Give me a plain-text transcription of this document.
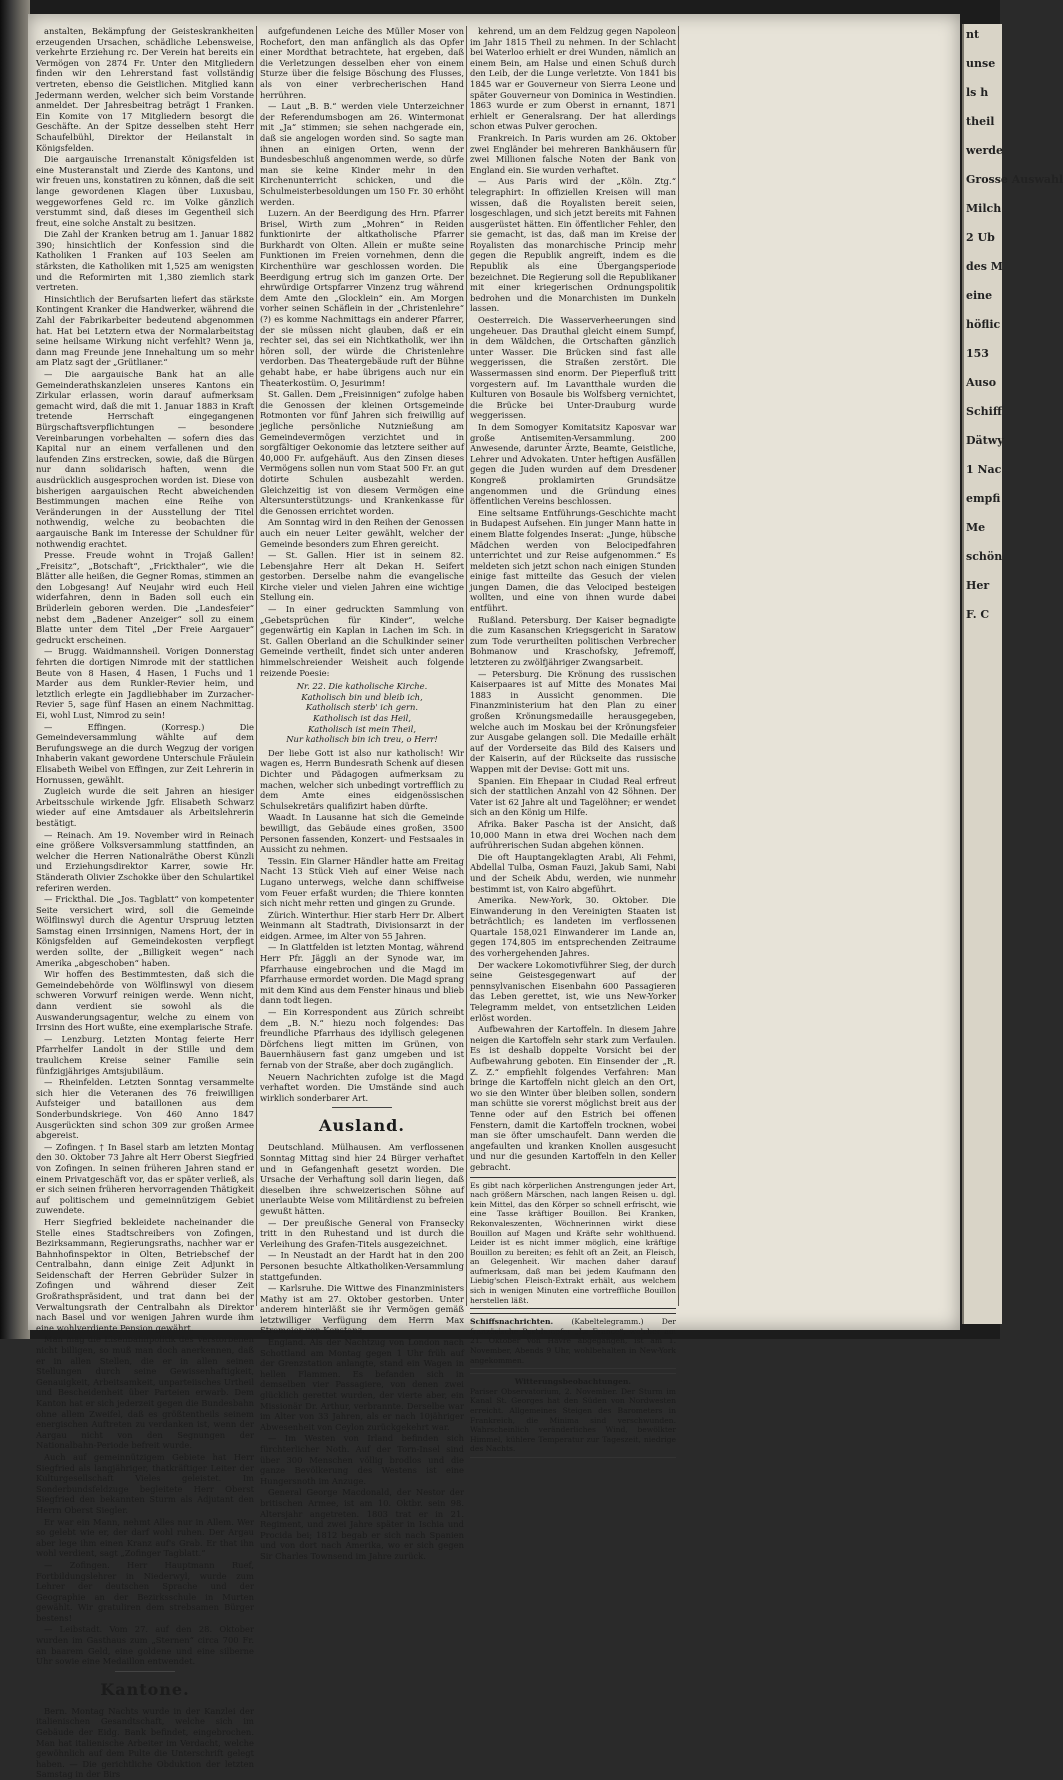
anstalten, Bekämpfung der Geisteskrankheiten erzeugenden Ursachen, schädliche Lebensweise, verkehrte Erziehung rc. Der Verein hat bereits ein Vermögen von 2874 Fr. Unter den Mitgliedern finden wir den Lehrerstand fast vollständig vertreten, ebenso die Geistlichen. Mitglied kann Jedermann werden, welcher sich beim Vorstande anmeldet. Der Jahresbeitrag beträgt 1 Franken. Ein Komite von 17 Mitgliedern besorgt die Geschäfte. An der Spitze desselben steht Herr Schaufelbühl, Direktor der Heilanstalt in Königsfelden.

Die aargauische Irrenanstalt Königsfelden ist eine Musteranstalt und Zierde des Kantons, und wir freuen uns, konstatiren zu können, daß die seit lange gewordenen Klagen über Luxusbau, weggeworfenes Geld rc. im Volke gänzlich verstummt sind, daß dieses im Gegentheil sich freut, eine solche Anstalt zu besitzen.

Die Zahl der Kranken betrug am 1. Januar 1882 390; hinsichtlich der Konfession sind die Katholiken 1 Franken auf 103 Seelen am stärksten, die Katholiken mit 1,525 am wenigsten und die Reformirten mit 1,380 ziemlich stark vertreten.

Hinsichtlich der Berufsarten liefert das stärkste Kontingent Kranker die Handwerker, während die Zahl der Fabrikarbeiter bedeutend abgenommen hat. Hat bei Letztern etwa der Normalarbeitstag seine heilsame Wirkung nicht verfehlt? Wenn ja, dann mag Freunde jene Innehaltung um so mehr am Platz sagt der „Grütlianer.“

— Die aargauische Bank hat an alle Gemeinderathskanzleien unseres Kantons ein Zirkular erlassen, worin darauf aufmerksam gemacht wird, daß die mit 1. Januar 1883 in Kraft tretende Herrschaft eingegangenen Bürgschaftsverpflichtungen — besondere Vereinbarungen vorbehalten — sofern dies das Kapital nur an einem verfallenen und den laufenden Zins erstrecken, sowie, daß die Bürgen nur dann solidarisch haften, wenn die ausdrücklich ausgesprochen worden ist. Diese von bisherigen aargauischen Recht abweichenden Bestimmungen machen eine Reihe von Veränderungen in der Ausstellung der Titel nothwendig, welche zu beobachten die aargauische Bank im Interesse der Schuldner für nothwendig erachtet.

Presse. Freude wohnt in Trojaß Gallen! „Freisitz“, „Botschaft“, „Frickthaler“, wie die Blätter alle heißen, die Gegner Romas, stimmen an den Lobgesang! Auf Neujahr wird euch Heil widerfahren, denn in Baden soll euch ein Brüderlein geboren werden. Die „Landesfeier“ nebst dem „Badener Anzeiger“ soll zu einem Blatte unter dem Titel „Der Freie Aargauer“ gedruckt erscheinen.

— Brugg. Waidmannsheil. Vorigen Donnerstag fehrten die dortigen Nimrode mit der stattlichen Beute von 8 Hasen, 4 Hasen, 1 Fuchs und 1 Marder aus dem Runkler-Revier heim, und letztlich erlegte ein Jagdliebhaber im Zurzacher-Revier 5, sage fünf Hasen an einem Nachmittag. Ei, wohl Lust, Nimrod zu sein!

— Effingen. (Korresp.) Die Gemeindeversammlung wählte auf dem Berufungswege an die durch Wegzug der vorigen Inhaberin vakant gewordene Unterschule Fräulein Elisabeth Weibel von Effingen, zur Zeit Lehrerin in Hornussen, gewählt.

Zugleich wurde die seit Jahren an hiesiger Arbeitsschule wirkende Jgfr. Elisabeth Schwarz wieder auf eine Amtsdauer als Arbeitslehrerin bestätigt.

— Reinach. Am 19. November wird in Reinach eine größere Volksversammlung stattfinden, an welcher die Herren Nationalräthe Oberst Künzli und Erziehungsdirektor Karrer, sowie Hr. Ständerath Olivier Zschokke über den Schulartikel referiren werden.

— Frickthal. Die „Jos. Tagblatt“ von kompetenter Seite versichert wird, soll die Gemeinde Wölflinswyl durch die Agentur Urspruug letzten Samstag einen Irrsinnigen, Namens Hort, der in Königsfelden auf Gemeindekosten verpflegt werden sollte, der „Billigkeit wegen“ nach Amerika „abgeschoben“ haben.

Wir hoffen des Bestimmtesten, daß sich die Gemeindebehörde von Wölflinswyl von diesem schweren Vorwurf reinigen werde. Wenn nicht, dann verdient sie sowohl als die Auswanderungsagentur, welche zu einem von Irrsinn des Hort wußte, eine exemplarische Strafe.

— Lenzburg. Letzten Montag feierte Herr Pfarrhelfer Landolt in der Stille und dem traulichem Kreise seiner Familie sein fünfzigjähriges Amtsjubiläum.

— Rheinfelden. Letzten Sonntag versammelte sich hier die Veteranen des 76 freiwilligen Aufsteiger und bataillonen aus dem Sonderbundskriege. Von 460 Anno 1847 Ausgerückten sind schon 309 zur großen Armee abgereist.

— Zofingen. † In Basel starb am letzten Montag den 30. Oktober 73 Jahre alt Herr Oberst Siegfried von Zofingen. In seinen früheren Jahren stand er einem Privatgeschäft vor, das er später verließ, als er sich seinen früheren hervorragenden Thätigkeit auf politischem und gemeinnützigem Gebiet zuwendete.

Herr Siegfried bekleidete nacheinander die Stelle eines Stadtschreibers von Zofingen, Bezirksammann, Regierungsraths, nachher war er Bahnhofinspektor in Olten, Betriebschef der Centralbahn, dann einige Zeit Adjunkt in Seidenschaft der Herren Gebrüder Sulzer in Zofingen und während dieser Zeit Großrathspräsident, und trat dann bei der Verwaltungsrath der Centralbahn als Direktor nach Basel und vor wenigen Jahren wurde ihm eine wohlverdiente Pension gewährt.

Man mag die Eisenbahnpolitik des Verstorbenen nicht billigen, so muß man doch anerkennen, daß er in allen Stellen, die er in allen seinen Stellungen durch seine Gewissenhaftigkeit, Genauigkeit, Arbeitsamkeit, unparteiisches Urtheil und Bescheidenheit über Parteien erwarb. Dem Kanton hat er sich jederzeit gegen die Bundesbahn ohne allem Zweifel, daß es größtentheils seinem energischen Auftreten zu verdanken ist, wenn der Aargau nicht von den Segnungen der Nationalbahn-Periode befreit wurde.

Auch auf gemeinnützigem Gebiete hat Herr Siegfried als langjähriger, thatkräftiger Leiter der Kulturgesellschaft Vieles geleistet. Im Sonderbundsfeldzuge begleitete Herr Oberst Siegfried den bekannten Sturm als Adjutant den Herrn Oberst Siegler.

Er war ein Mann, nehmt Alles nur in Allem. Wer so gelebt wie er, der darf wohl ruhen. Der Argau aber lege ihm einen Kranz auf's Grab. Er that ihn wohl verdient, sagt „Zofinger Tagblatt.“

— Zofingen. Herr Hauptmann Ruef, Fortbildungslehrer in Niederwyl, wurde zum Lehrer der deutschen Sprache und der Geographie an der Bezirksschule in Murten gewählt. Wir gratuliren dem strebsamen Bürger bestens!

— Leibstadt. Vom 27. auf den 28. Oktober wurden im Gasthaus zum „Sternen“ circa 700 Fr. an baarem Geld, eine goldene und eine silberne Uhr sowie eine Medaillon entwendet.

Kantone.

Bern. Montag Nachts wurde in der Kanzlei der italienischen Gesandtschaft, welche sich im Gebäude der Eidg. Bank befindet, eingebrochen. Man hat italienische Arbeiter im Verdacht, welche gewöhnlich auf dem Pulte die Unterschrift gelegt haben. — Die gerichtliche Obduktion der letzten Samstag in der Birs

aufgefundenen Leiche des Müller Moser von Rochefort, den man anfänglich als das Opfer einer Mordthat betrachtete, hat ergeben, daß die Verletzungen desselben eher von einem Sturze über die felsige Böschung des Flusses, als von einer verbrecherischen Hand herrühren.

— Laut „B. B.“ werden viele Unterzeichner der Referendumsbogen am 26. Wintermonat mit „Ja“ stimmen; sie sehen nachgerade ein, daß sie angelogen worden sind. So sagte man ihnen an einigen Orten, wenn der Bundesbeschluß angenommen werde, so dürfe man sie keine Kinder mehr in den Kirchenunterricht schicken, und die Schulmeisterbesoldungen um 150 Fr. 30 erhöht werden.

Luzern. An der Beerdigung des Hrn. Pfarrer Brisel, Wirth zum „Mohren“ in Reiden funktionirte der altkatholische Pfarrer Burkhardt von Olten. Allein er mußte seine Funktionen im Freien vornehmen, denn die Kirchenthüre war geschlossen worden. Die Beerdigung ertrug sich im ganzen Orte. Der ehrwürdige Ortspfarrer Vinzenz trug während dem Amte den „Glocklein“ ein. Am Morgen vorher seinen Schäflein in der „Christenlehre“ (?) es komme Nachmittags ein anderer Pfarrer, der sie müssen nicht glauben, daß er ein rechter sei, das sei ein Nichtkatholik, wer ihn hören soll, der würde die Christenlehre verdorben. Das Theatergebäude ruft der Bühne gehabt habe, er habe übrigens auch nur ein Theaterkostüm. O, Jesurimm!

St. Gallen. Dem „Freisinnigen“ zufolge haben die Genossen der kleinen Ortsgemeinde Rotmonten vor fünf Jahren sich freiwillig auf jegliche persönliche Nutznießung am Gemeindevermögen verzichtet und in sorgfältiger Oekonomie das letztere seither auf 40,000 Fr. aufgehäuft. Aus den Zinsen dieses Vermögens sollen nun vom Staat 500 Fr. an gut dotirte Schulen ausbezahlt werden. Gleichzeitig ist von diesem Vermögen eine Altersunterstützungs- und Krankenkasse für die Genossen errichtet worden.

Am Sonntag wird in den Reihen der Genossen auch ein neuer Leiter gewählt, welcher der Gemeinde besonders zum Ehren gereicht.

— St. Gallen. Hier ist in seinem 82. Lebensjahre Herr alt Dekan H. Seifert gestorben. Derselbe nahm die evangelische Kirche vieler und vielen Jahren eine wichtige Stellung ein.

— In einer gedruckten Sammlung von „Gebetsprüchen für Kinder“, welche gegenwärtig ein Kaplan in Lachen im Sch. in St. Gallen Oberland an die Schulkinder seiner Gemeinde vertheilt, findet sich unter anderen himmelschreiender Weisheit auch folgende reizende Poesie:

Nr. 22. Die katholische Kirche.
Katholisch bin und bleib ich,
Katholisch sterb' ich gern.
Katholisch ist das Heil,
Katholisch ist mein Theil,
Nur katholisch bin ich treu, o Herr!

Der liebe Gott ist also nur katholisch! Wir wagen es, Herrn Bundesrath Schenk auf diesen Dichter und Pädagogen aufmerksam zu machen, welcher sich unbedingt vortrefflich zu dem Amte eines eidgenössischen Schulsekretärs qualifizirt haben dürfte.

Waadt. In Lausanne hat sich die Gemeinde bewilligt, das Gebäude eines großen, 3500 Personen fassenden, Konzert- und Festsaales in Aussicht zu nehmen.

Tessin. Ein Glarner Händler hatte am Freitag Nacht 13 Stück Vieh auf einer Weise nach Lugano unterwegs, welche dann schiffweise vom Feuer erfaßt wurden; die Thiere konnten sich nicht mehr retten und gingen zu Grunde.

Zürich. Winterthur. Hier starb Herr Dr. Albert Weinmann alt Stadtrath, Divisionsarzt in der eidgen. Armee, im Alter von 55 Jahren.

— In Glattfelden ist letzten Montag, während Herr Pfr. Jäggli an der Synode war, im Pfarrhause eingebrochen und die Magd im Pfarrhause ermordet worden. Die Magd sprang mit dem Kind aus dem Fenster hinaus und blieb dann todt liegen.

— Ein Korrespondent aus Zürich schreibt dem „B. N.“ hiezu noch folgendes: Das freundliche Pfarrhaus des idyllisch gelegenen Dörfchens liegt mitten im Grünen, von Bauernhäusern fast ganz umgeben und ist fernab von der Straße, aber doch zugänglich.

Neuern Nachrichten zufolge ist die Magd verhaftet worden. Die Umstände sind auch wirklich sonderbarer Art.

Ausland.

Deutschland. Mülhausen. Am verflossenen Sonntag Mittag sind hier 24 Bürger verhaftet und in Gefangenhaft gesetzt worden. Die Ursache der Verhaftung soll darin liegen, daß dieselben ihre schweizerischen Söhne auf unerlaubte Weise vom Militärdienst zu befreien gewußt hätten.

— Der preußische General von Fransecky tritt in den Ruhestand und ist durch die Verleihung des Grafen-Titels ausgezeichnet.

— In Neustadt an der Hardt hat in den 200 Personen besuchte Altkatholiken-Versammlung stattgefunden.

— Karlsruhe. Die Wittwe des Finanzministers Mathy ist am 27. Oktober gestorben. Unter anderem hinterläßt sie ihr Vermögen gemäß letztwilliger Verfügung dem Herrn Max Stromeier von Konstanz.

England. Als der Nachtzug von London nach Schottland am Montag gegen 1 Uhr früh auf der Grenzstation anlangte, stand ein Wagen in hellen Flammen. Es befanden sich in demselben vier Passagiere, von denen zwei glücklich gerettet wurden, der vierte aber, ein Missionär Dr. Arthur, verbrannte. Derselbe war im Alter von 33 Jahren, als er nach 10jähriger Abwesenheit von Ceylon zurückgekehrt war.

— Im Westen von Irland befinden sich fürchterlicher Noth. Auf der Torn-Insel sind über 300 Menschen völlig brodlos und die ganze Bevölkerung des Westens ist eine Hungersnoth im Anzuge.

General George Macdonald, der Nestor der britischen Armee, ist am 10. Oktbr. sein 98. Altersjahr angetreten. 1803 trat er in 21. Regiment, und zwei Jahre später in Ischia und Procida bei; 1812 begab er sich nach Spanien und von dort nach Amerika, wo er sich gegen Sir Charles Townsend im Jahre zurück.

kehrend, um an dem Feldzug gegen Napoleon im Jahr 1815 Theil zu nehmen. In der Schlacht bei Waterloo erhielt er drei Wunden, nämlich an einem Bein, am Halse und einen Schuß durch den Leib, der die Lunge verletzte. Von 1841 bis 1845 war er Gouverneur von Sierra Leone und später Gouverneur von Dominica in Westindien. 1863 wurde er zum Oberst in ernannt, 1871 erhielt er Generalsrang. Der hat allerdings schon etwas Pulver gerochen.

Frankreich. In Paris wurden am 26. Oktober zwei Engländer bei mehreren Bankhäusern für zwei Millionen falsche Noten der Bank von England ein. Sie wurden verhaftet.

— Aus Paris wird der „Köln. Ztg.“ telegraphirt: In offiziellen Kreisen will man wissen, daß die Royalisten bereit seien, losgeschlagen, und sich jetzt bereits mit Fahnen ausgerüstet hätten. Ein öffentlicher Fehler, den sie gemacht, ist das, daß man im Kreise der Royalisten das monarchische Princip mehr gegen die Republik angreift, indem es die Republik als eine Übergangsperiode bezeichnet. Die Regierung soll die Republikaner mit einer kriegerischen Ordnungspolitik bedrohen und die Monarchisten im Dunkeln lassen.

Oesterreich. Die Wasserverheerungen sind ungeheuer. Das Drauthal gleicht einem Sumpf, in dem Wäldchen, die Ortschaften gänzlich unter Wasser. Die Brücken sind fast alle weggerissen, die Straßen zerstört. Die Wassermassen sind enorm. Der Pieperfluß tritt vorgestern auf. Im Lavantthale wurden die Kulturen von Bosaule bis Wolfsberg vernichtet, die Brücke bei Unter-Drauburg wurde weggerissen.

In dem Somogyer Komitatsitz Kaposvar war große Antisemiten-Versammlung. 200 Anwesende, darunter Ärzte, Beamte, Geistliche, Lehrer und Advokaten. Unter heftigen Ausfällen gegen die Juden wurden auf dem Dresdener Kongreß proklamirten Grundsätze angenommen und die Gründung eines öffentlichen Vereins beschlossen.

Eine seltsame Entführungs-Geschichte macht in Budapest Aufsehen. Ein junger Mann hatte in einem Blatte folgendes Inserat: „Junge, hübsche Mädchen werden von Belocipedfahren unterrichtet und zur Reise aufgenommen.“ Es meldeten sich jetzt schon nach einigen Stunden einige fast mitteilte das Gesuch der vielen jungen Damen, die das Velociped besteigen wollten, und eine von ihnen wurde dabei entführt.

Rußland. Petersburg. Der Kaiser begnadigte die zum Kasanschen Kriegsgericht in Saratow zum Tode verurtheilten politischen Verbrecher Bohmanow und Kraschofsky, Jefremoff, letzteren zu zwölfjähriger Zwangsarbeit.

— Petersburg. Die Krönung des russischen Kaiserpaares ist auf Mitte des Monates Mai 1883 in Aussicht genommen. Die Finanzministerium hat den Plan zu einer großen Krönungsmedaille herausgegeben, welche auch im Moskau bei der Krönungsfeier zur Ausgabe gelangen soll. Die Medaille erhält auf der Vorderseite das Bild des Kaisers und der Kaiserin, auf der Rückseite das russische Wappen mit der Devise: Gott mit uns.

Spanien. Ein Ehepaar in Ciudad Real erfreut sich der stattlichen Anzahl von 42 Söhnen. Der Vater ist 62 Jahre alt und Tagelöhner; er wendet sich an den König um Hilfe.

Afrika. Baker Pascha ist der Ansicht, daß 10,000 Mann in etwa drei Wochen nach dem aufrührerischen Sudan abgehen können.

Die oft Hauptangeklagten Arabi, Ali Fehmi, Abdellal Tulba, Osman Fauzi, Jakub Sami, Nabi und der Scheik Abdu, werden, wie nunmehr bestimmt ist, von Kairo abgeführt.

Amerika. New-York, 30. Oktober. Die Einwanderung in den Vereinigten Staaten ist beträchtlich; es landeten im verflossenen Quartale 158,021 Einwanderer im Lande an, gegen 174,805 im entsprechenden Zeitraume des vorhergehenden Jahres.

Der wackere Lokomotivführer Sieg, der durch seine Geistesgegenwart auf der pennsylvanischen Eisenbahn 600 Passagieren das Leben gerettet, ist, wie uns New-Yorker Telegramm meldet, von entsetzlichen Leiden erlöst worden.

Aufbewahren der Kartoffeln. In diesem Jahre neigen die Kartoffeln sehr stark zum Verfaulen. Es ist deshalb doppelte Vorsicht bei der Aufbewahrung geboten. Ein Einsender der „R. Z. Z.“ empfiehlt folgendes Verfahren: Man bringe die Kartoffeln nicht gleich an den Ort, wo sie den Winter über bleiben sollen, sondern man schütte sie vorerst möglichst breit aus der Tenne oder auf den Estrich bei offenen Fenstern, damit die Kartoffeln trocknen, wobei man sie öfter umschaufelt. Dann werden die angefaulten und kranken Knollen ausgesucht und nur die gesunden Kartoffeln in den Keller gebracht.

Es gibt nach körperlichen Anstrengungen jeder Art, nach größern Märschen, nach langen Reisen u. dgl. kein Mittel, das den Körper so schnell erfrischt, wie eine Tasse kräftiger Bouillon. Bei Kranken, Rekonvaleszenten, Wöchnerinnen wirkt diese Bouillon auf Magen und Kräfte sehr wohlthuend. Leider ist es nicht immer möglich, eine kräftige Bouillon zu bereiten; es fehlt oft an Zeit, an Fleisch, an Gelegenheit. Wir machen daher darauf aufmerksam, daß man bei jedem Kaufmann den Liebig'schen Fleisch-Extrakt erhält, aus welchem sich in wenigen Minuten eine vortreffliche Bouillon herstellen läßt.
Schiffsnachrichten. (Kabeltelegramm.) Der französische Postdampfer „La France“, welcher am 21. Oktober von Havre abgegangen, ist am 1. November, Abends 9 Uhr, wohlbehalten in New-York angekommen.
Witterungsbeobachtungen.
Pariser Observatorium, 2. November. Der Sturm im Kanal St. Georges hat den Süden von Nordwesten erreicht. Allgemeines Steigen des Barometers in Frankreich, die Minima sind verschwunden. Wahrscheinlich veränderliches Wind, bewölkter Himmel, kühlere Temperatur zur Tageszeit, niedrige des Nachts.
nt
unse
ls h
theil
werde
Grosse Auswahl
Milch
2 Ub
des M
eine
höflic
153
Auso
Schiff
Dätwy
1 Nac
empfi
Me
schön
Her
F. C
